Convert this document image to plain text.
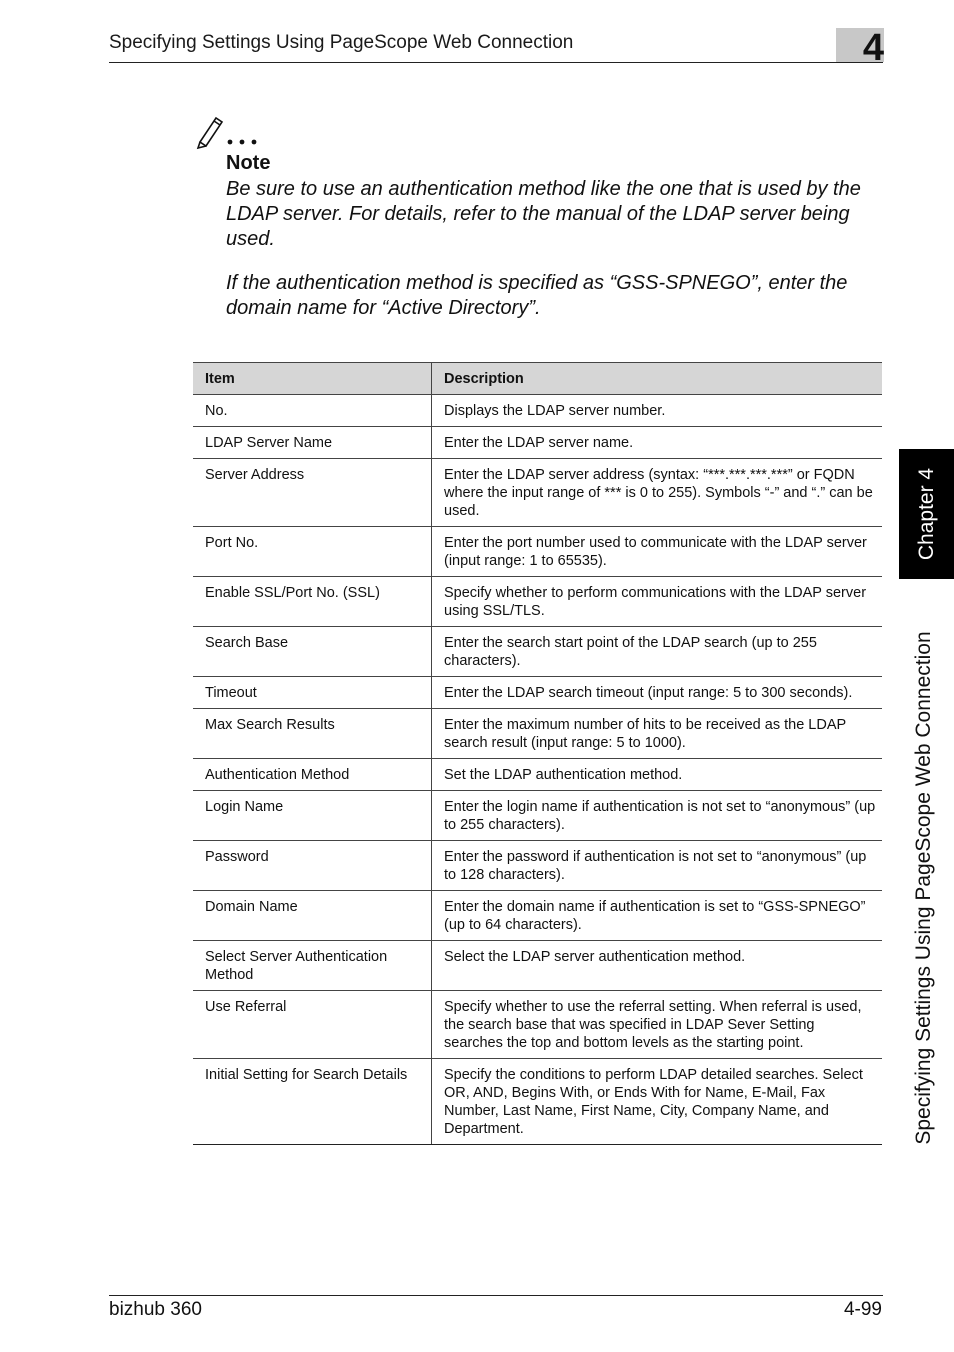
Specifying Settings Using PageScope Web Connection	4
Note

Be sure to use an authentication method like the one that is used by the LDAP server. For details, refer to the manual of the LDAP server being used.

If the authentication method is specified as “GSS-SPNEGO”, enter the domain name for “Active Directory”.

Item	Description
No.	Displays the LDAP server number.
LDAP Server Name	Enter the LDAP server name.
Server Address	Enter the LDAP server address (syntax: “***.***.***.***” or FQDN where the input range of *** is 0 to 255). Symbols “-” and “.” can be used.
Port No.	Enter the port number used to communicate with the LDAP server (input range: 1 to 65535).
Enable SSL/Port No. (SSL)	Specify whether to perform communications with the LDAP server using SSL/TLS.
Search Base	Enter the search start point of the LDAP search (up to 255 characters).
Timeout	Enter the LDAP search timeout (input range: 5 to 300 seconds).
Max Search Results	Enter the maximum number of hits to be received as the LDAP search result (input range: 5 to 1000).
Authentication Method	Set the LDAP authentication method.
Login Name	Enter the login name if authentication is not set to “anonymous” (up to 255 characters).
Password	Enter the password if authentication is not set to “anonymous” (up to 128 characters).
Domain Name	Enter the domain name if authentication is set to “GSS-SPNEGO” (up to 64 characters).
Select Server Authentication Method	Select the LDAP server authentication method.
Use Referral	Specify whether to use the referral setting. When referral is used, the search base that was specified in LDAP Sever Setting searches the top and bottom levels as the starting point.
Initial Setting for Search Details	Specify the conditions to perform LDAP detailed searches. Select OR, AND, Begins With, or Ends With for Name, E-Mail, Fax Number, Last Name, First Name, City, Company Name, and Department.
Chapter 4
Specifying Settings Using PageScope Web Connection
bizhub 360	4-99
